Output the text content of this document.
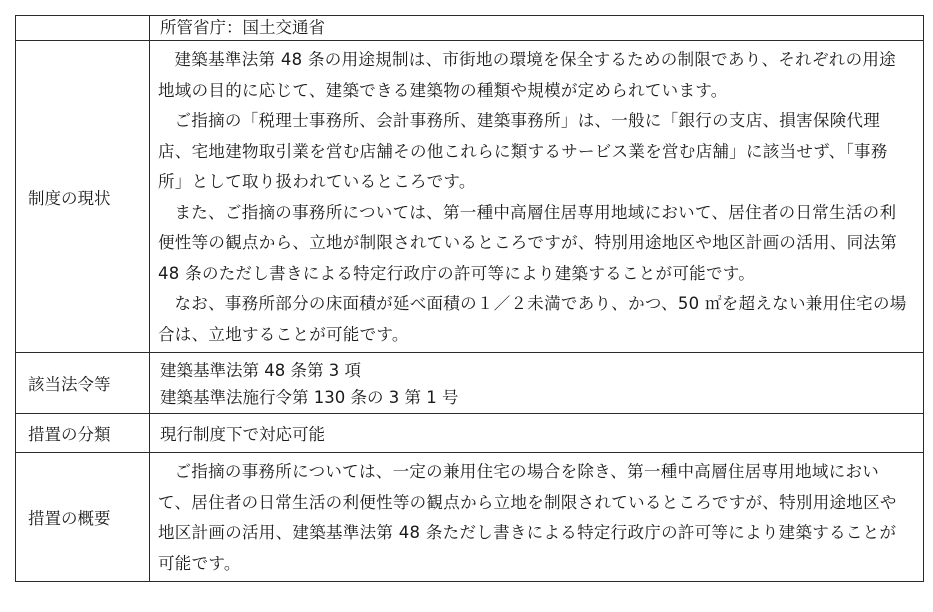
	所管省庁：国土交通省
制度の現状	建築基準法第 48 条の用途規制は、市街地の環境を保全するための制限であり、それぞれの用途地域の目的に応じて、建築できる建築物の種類や規模が定められています。

ご指摘の「税理士事務所、会計事務所、建築事務所」は、一般に「銀行の支店、損害保険代理店、宅地建物取引業を営む店舗その他これらに類するサービス業を営む店舗」に該当せず、「事務所」として取り扱われているところです。

また、ご指摘の事務所については、第一種中高層住居専用地域において、居住者の日常生活の利便性等の観点から、立地が制限されているところですが、特別用途地区や地区計画の活用、同法第 48 条のただし書きによる特定行政庁の許可等により建築することが可能です。

なお、事務所部分の床面積が延べ面積の１／２未満であり、かつ、50 ㎡を超えない兼用住宅の場合は、立地することが可能です。

該当法令等	建築基準法第 48 条第 3 項
建築基準法施行令第 130 条の 3 第 1 号

措置の分類	現行制度下で対応可能
措置の概要	ご指摘の事務所については、一定の兼用住宅の場合を除き、第一種中高層住居専用地域において、居住者の日常生活の利便性等の観点から立地を制限されているところですが、特別用途地区や地区計画の活用、建築基準法第 48 条ただし書きによる特定行政庁の許可等により建築することが可能です。
